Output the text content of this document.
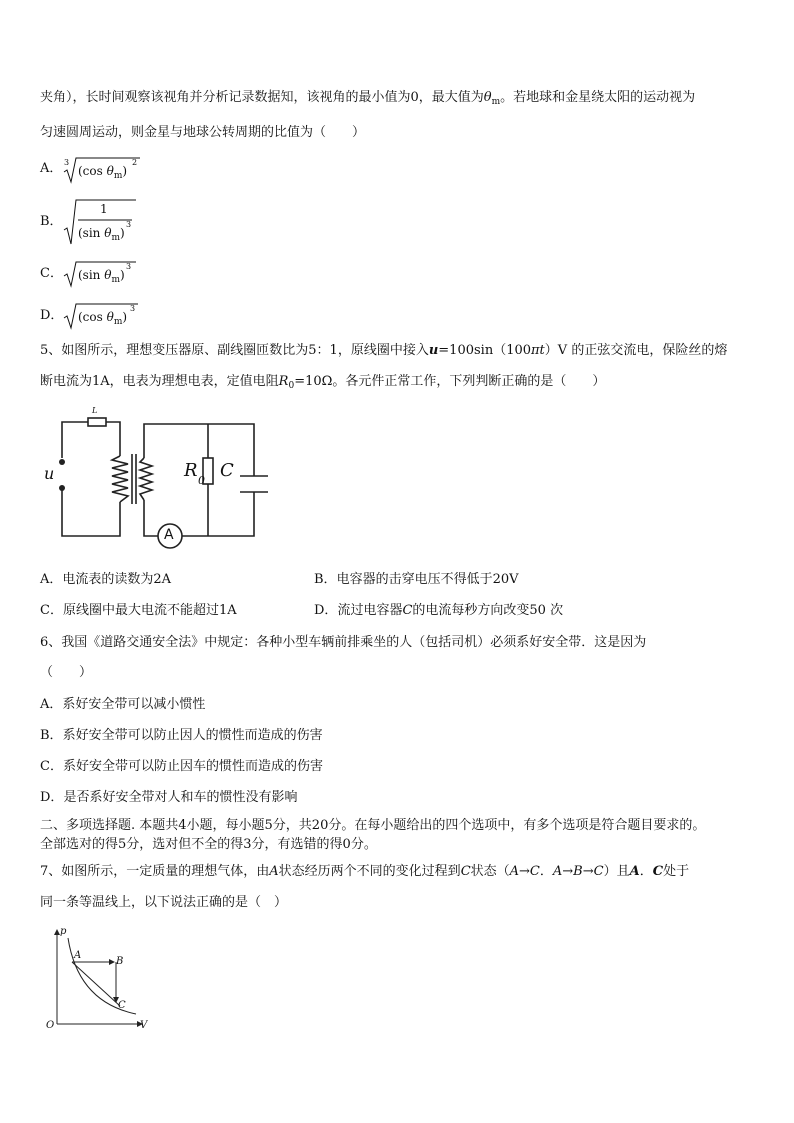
夹角），长时间观察该视角并分析记录数据知，该视角的最小值为0，最大值为$\theta_m$。若地球和金星绕太阳的运动视为
匀速圆周运动，则金星与地球公转周期的比值为（　　）
A． 3
(cos $\theta_m$)
2
B．
1
(sin $\theta_m$)
3
C． (sin $\theta_m$)
3
D． (cos $\theta_m$)
3
5、如图所示，理想变压器原、副线圈匝数比为5：1，原线圈中接入u=100sin（100πt）V 的正弦交流电，保险丝的熔
断电流为1A，电表为理想电表，定值电阻$R_0=10\Omega$。各元件正常工作，下列判断正确的是（　　）
u
L
R 0 C
A
A．电流表的读数为2A	B．电容器的击穿电压不得低于20V
C．原线圈中最大电流不能超过1A	D．流过电容器C的电流每秒方向改变50 次
6、我国《道路交通安全法》中规定：各种小型车辆前排乘坐的人（包括司机）必须系好安全带．这是因为
（　　）
A．系好安全带可以减小惯性
B．系好安全带可以防止因人的惯性而造成的伤害
C．系好安全带可以防止因车的惯性而造成的伤害
D．是否系好安全带对人和车的惯性没有影响
二、多项选择题. 本题共4小题，每小题5分，共20分。在每小题给出的四个选项中，有多个选项是符合题目要求的。
全部选对的得5分，选对但不全的得3分，有选错的得0分。
7、如图所示，一定质量的理想气体，由A状态经历两个不同的变化过程到C状态（A→C．A→B→C）且A．C处于
同一条等温线上，以下说法正确的是（　）
p
V
O
A
B
C
